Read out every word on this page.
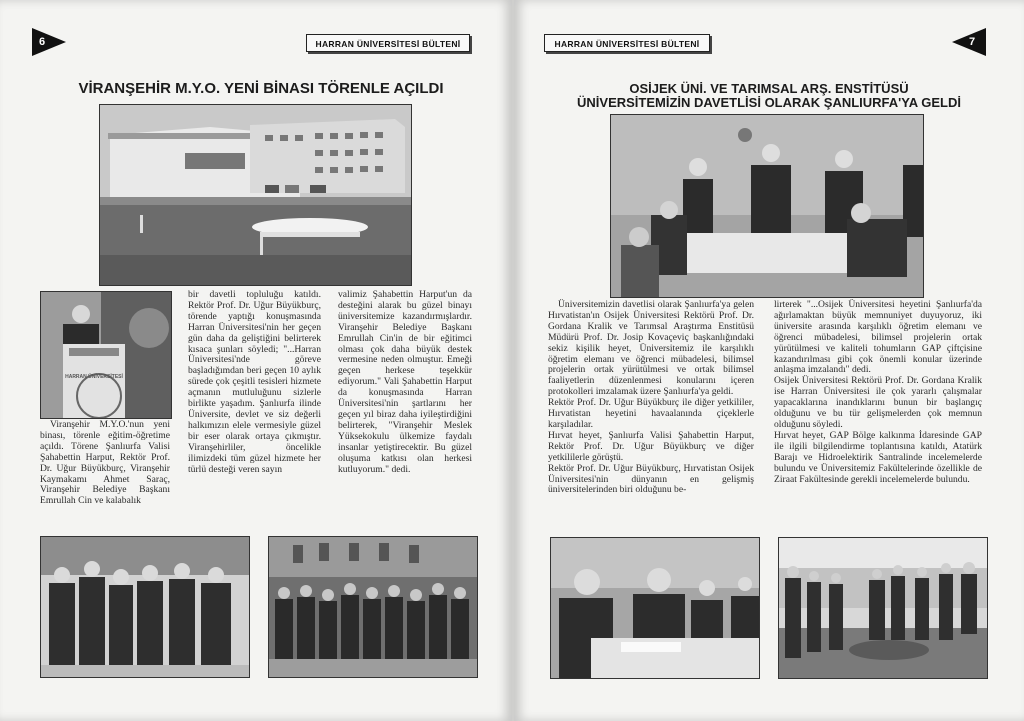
6	HARRAN ÜNİVERSİTESİ BÜLTENİ
VİRANŞEHİR M.Y.O. YENİ BİNASI TÖRENLE AÇILDI
HARRAN ÜNİVERSİTESİ

Viranşehir M.Y.O.'nun yeni binası, törenle eğitim-öğretime açıldı. Törene Şanlıurfa Valisi Şahabettin Harput, Rektör Prof. Dr. Uğur Büyükburç, Viranşehir Kaymakamı Ahmet Saraç, Viranşehir Belediye Başkanı Emrullah Cin ve kalabalık

bir davetli topluluğu katıldı. Rektör Prof. Dr. Uğur Büyükburç, törende yaptığı konuşmasında Harran Üniversitesi'nin her geçen gün daha da geliştiğini belirterek kısaca şunları söyledi; "...Harran Üniversitesi'nde göreve başladığımdan beri geçen 10 aylık sürede çok çeşitli tesisleri hizmete açmanın mutluluğunu sizlerle birlikte yaşadım. Şanlıurfa ilinde Üniversite, devlet ve siz değerli halkımızın elele vermesiyle güzel bir eser olarak ortaya çıkmıştır. Viranşehirliler, öncelikle ilimizdeki tüm güzel hizmete her türlü desteği veren sayın

valimiz Şahabettin Harput'un da desteğini alarak bu güzel binayı üniversitemize kazandırmışlardır. Viranşehir Belediye Başkanı Emrullah Cin'in de bir eğitimci olması çok daha büyük destek vermesine neden olmuştur. Emeği geçen herkese teşekkür ediyorum." Vali Şahabettin Harput da konuşmasında Harran Üniversitesi'nin şartlarını her geçen yıl biraz daha iyileştirdiğini belirterek, "Viranşehir Meslek Yüksekokulu ülkemize faydalı insanlar yetiştirecektir. Bu güzel oluşuma katkısı olan herkesi kutluyorum." dedi.

HARRAN ÜNİVERSİTESİ BÜLTENİ	7
OSİJEK ÜNİ. VE TARIMSAL ARŞ. ENSTİTÜSÜ
ÜNİVERSİTEMİZİN DAVETLİSİ OLARAK ŞANLIURFA'YA GELDİ

Üniversitemizin davetlisi olarak Şanlıurfa'ya gelen Hırvatistan'ın Osijek Üniversitesi Rektörü Prof. Dr. Gordana Kralik ve Tarımsal Araştırma Enstitüsü Müdürü Prof. Dr. Josip Kovaçeviç başkanlığındaki sekiz kişilik heyet, Üniversitemiz ile karşılıklı öğretim elemanı ve öğrenci mübadelesi, bilimsel projelerin ortak yürütülmesi ve ortak bilimsel faaliyetlerin düzenlenmesi konularını içeren protokolleri imzalamak üzere Şanlıurfa'ya geldi.
Rektör Prof. Dr. Uğur Büyükburç ile diğer yetkililer, Hırvatistan heyetini havaalanında çiçeklerle karşıladılar.
Hırvat heyet, Şanlıurfa Valisi Şahabettin Harput, Rektör Prof. Dr. Uğur Büyükburç ve diğer yetkililerle görüştü.
Rektör Prof. Dr. Uğur Büyükburç, Hırvatistan Osijek Üniversitesi'nin dünyanın en gelişmiş üniversitelerinden biri olduğunu be-

lirterek "...Osijek Üniversitesi heyetini Şanlıurfa'da ağırlamaktan büyük memnuniyet duyuyoruz, iki üniversite arasında karşılıklı öğretim elemanı ve öğrenci mübadelesi, bilimsel projelerin ortak yürütülmesi ve kaliteli tohumların GAP çiftçisine kazandırılması gibi çok önemli konular üzerinde anlaşma imzalandı" dedi.
Osijek Üniversitesi Rektörü Prof. Dr. Gordana Kralik ise Harran Üniversitesi ile çok yararlı çalışmalar yapacaklarına inandıklarını bunun bir başlangıç olduğunu ve bu tür gelişmelerden çok memnun olduğunu söyledi.
Hırvat heyet, GAP Bölge kalkınma İdaresinde GAP ile ilgili bilgilendirme toplantısına katıldı, Atatürk Barajı ve Hidroelektirik Santralinde incelemelerde bulundu ve Üniversitemiz Fakültelerinde özellikle de Ziraat Fakültesinde gerekli incelemelerde bulundu.
